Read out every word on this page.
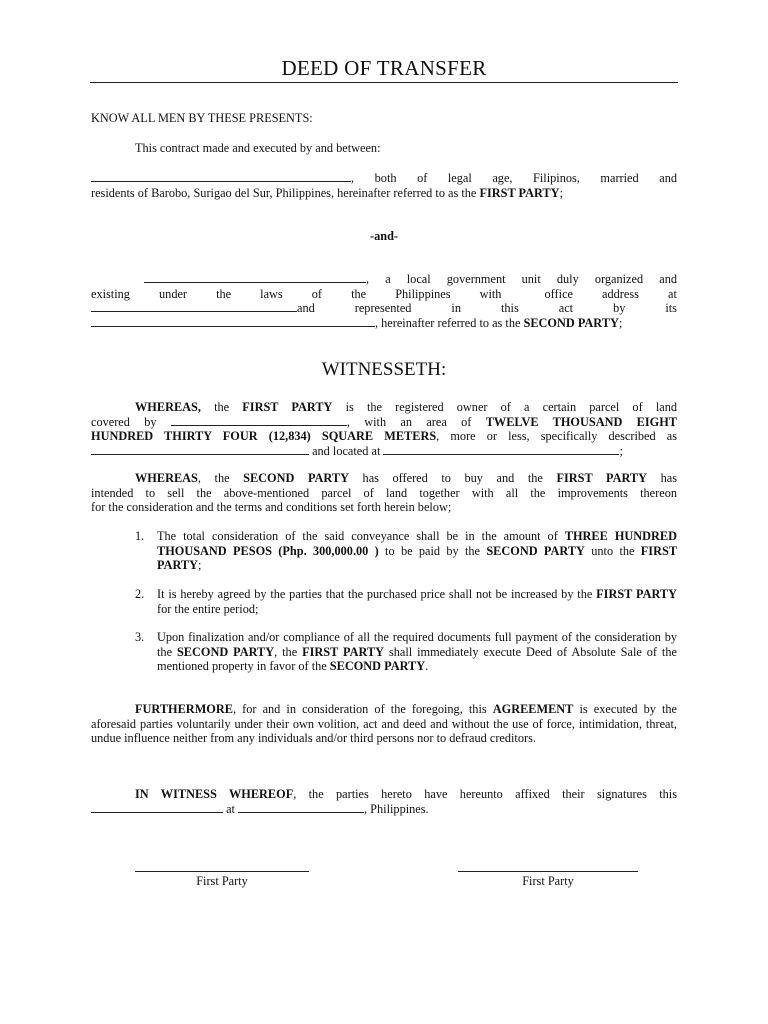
DEED OF TRANSFER
KNOW ALL MEN BY THESE PRESENTS:
This contract made and executed by and between:
, both of legal age, Filipinos, married and
residents of Barobo, Surigao del Sur, Philippines, hereinafter referred to as the FIRST PARTY;
-and-
, a local government unit duly organized and
existing under the laws of the Philippines with	office address at
and	represented	in	this	act	by	its
, hereinafter referred to as the SECOND PARTY;
WITNESSETH:
WHEREAS, the FIRST PARTY is the registered owner of a certain parcel of land
covered by	, with an area of TWELVE THOUSAND EIGHT
HUNDRED THIRTY FOUR (12,834) SQUARE METERS, more or less, specifically described as
and located at	;
WHEREAS, the SECOND PARTY has offered to buy and the FIRST PARTY has
intended to sell the above-mentioned parcel of land together with all the improvements thereon
for the consideration and the terms and conditions set forth herein below;
1.	The total consideration of the said conveyance shall be in the amount of THREE HUNDRED THOUSAND PESOS (Php. 300,000.00 ) to be paid by the SECOND PARTY unto the FIRST PARTY;
2.	It is hereby agreed by the parties that the purchased price shall not be increased by the FIRST PARTY for the entire period;
3.	Upon finalization and/or compliance of all the required documents full payment of the consideration by the SECOND PARTY, the FIRST PARTY shall immediately execute Deed of Absolute Sale of the mentioned property in favor of the SECOND PARTY.
FURTHERMORE, for and in consideration of the foregoing, this AGREEMENT is executed by the aforesaid parties voluntarily under their own volition, act and deed and without the use of force, intimidation, threat, undue influence neither from any individuals and/or third persons nor to defraud creditors.
IN WITNESS WHEREOF, the parties hereto have hereunto affixed their signatures this
at	, Philippines.
First Party	First Party
